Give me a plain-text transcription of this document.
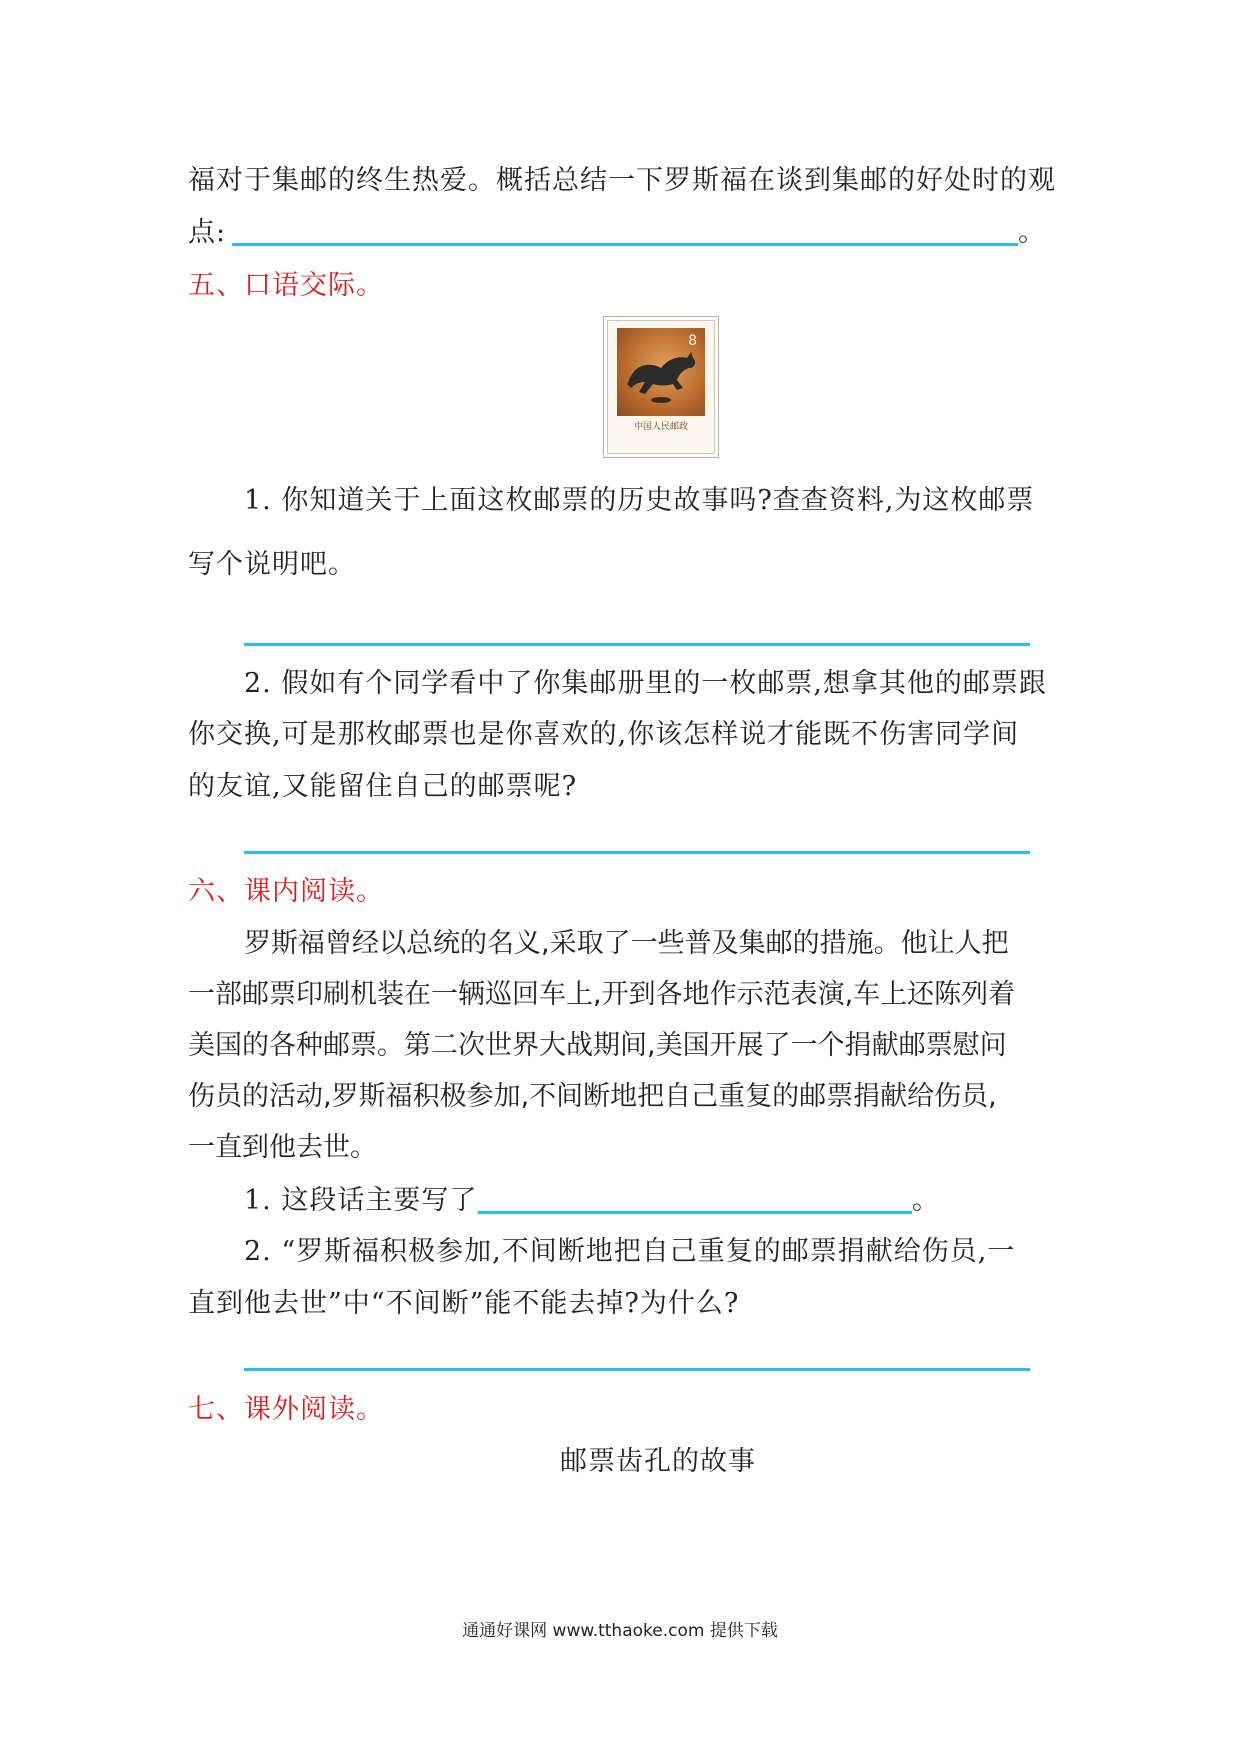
福对于集邮的终生热爱。概括总结一下罗斯福在谈到集邮的好处时的观
点:	。
五、口语交际。
8
中国人民邮政
1. 你知道关于上面这枚邮票的历史故事吗?查查资料,为这枚邮票
写个说明吧。
2. 假如有个同学看中了你集邮册里的一枚邮票,想拿其他的邮票跟
你交换,可是那枚邮票也是你喜欢的,你该怎样说才能既不伤害同学间
的友谊,又能留住自己的邮票呢?
六、课内阅读。
罗斯福曾经以总统的名义,采取了一些普及集邮的措施。他让人把
一部邮票印刷机装在一辆巡回车上,开到各地作示范表演,车上还陈列着
美国的各种邮票。第二次世界大战期间,美国开展了一个捐献邮票慰问
伤员的活动,罗斯福积极参加,不间断地把自己重复的邮票捐献给伤员,
一直到他去世。
1. 这段话主要写了	。
2. “罗斯福积极参加,不间断地把自己重复的邮票捐献给伤员,一
直到他去世”中“不间断”能不能去掉?为什么?
七、课外阅读。
邮票齿孔的故事
通通好课网 www.tthaoke.com 提供下载
